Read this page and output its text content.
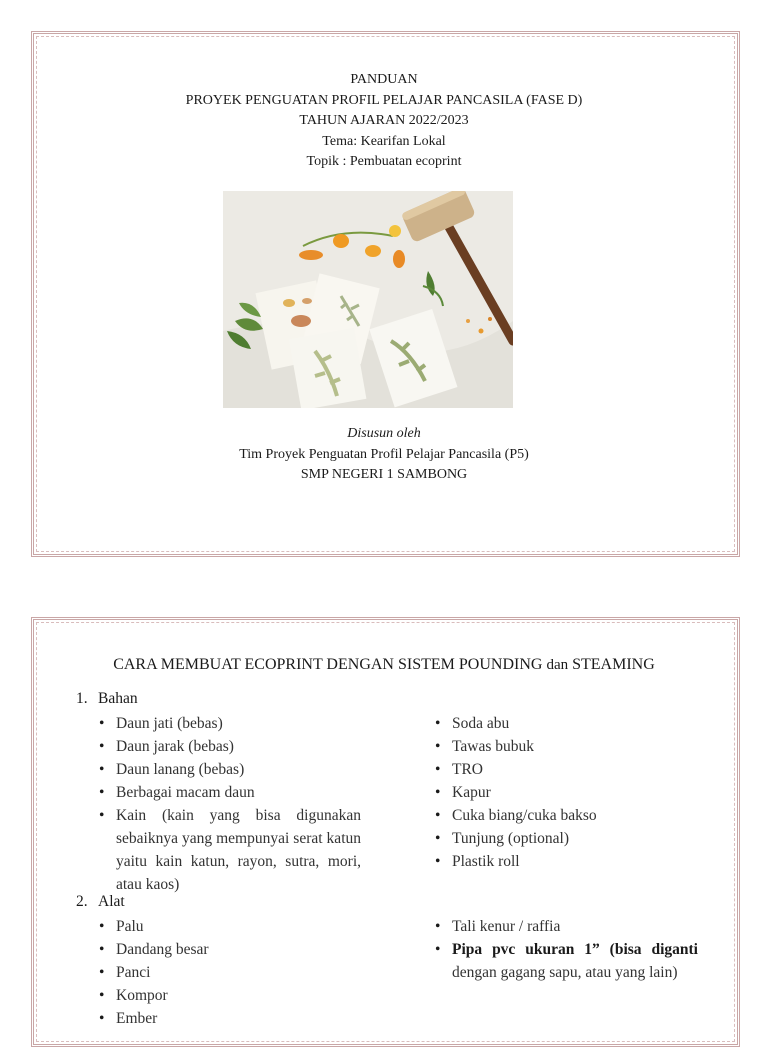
PANDUAN
PROYEK PENGUATAN PROFIL PELAJAR PANCASILA (FASE D)
TAHUN AJARAN 2022/2023
Tema: Kearifan Lokal
Topik : Pembuatan ecoprint
Disusun oleh
Tim Proyek Penguatan Profil Pelajar Pancasila (P5)
SMP NEGERI 1 SAMBONG
CARA MEMBUAT ECOPRINT DENGAN SISTEM POUNDING dan STEAMING
1. Bahan
• Daun jati (bebas)
• Daun jarak (bebas)
• Daun lanang (bebas)
• Berbagai macam daun
• Kain (kain yang bisa digunakan sebaiknya yang mempunyai serat katun yaitu kain katun, rayon, sutra, mori, atau kaos)
• Soda abu
• Tawas bubuk
• TRO
• Kapur
• Cuka biang/cuka bakso
• Tunjung (optional)
• Plastik roll
2. Alat
• Palu
• Dandang besar
• Panci
• Kompor
• Ember
• Tali kenur / raffia
• Pipa pvc ukuran 1” (bisa diganti dengan gagang sapu, atau yang lain)
